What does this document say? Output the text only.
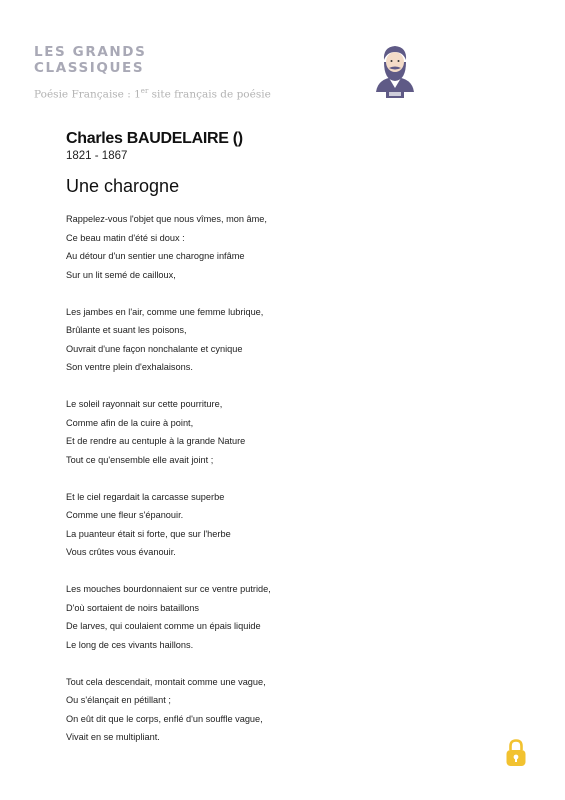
LES GRANDS
CLASSIQUES
Poésie Française : 1er site français de poésie
Charles BAUDELAIRE ()
1821 - 1867
Une charogne
Rappelez-vous l'objet que nous vîmes, mon âme,
Ce beau matin d'été si doux :
Au détour d'un sentier une charogne infâme
Sur un lit semé de cailloux,
Les jambes en l'air, comme une femme lubrique,
Brûlante et suant les poisons,
Ouvrait d'une façon nonchalante et cynique
Son ventre plein d'exhalaisons.
Le soleil rayonnait sur cette pourriture,
Comme afin de la cuire à point,
Et de rendre au centuple à la grande Nature
Tout ce qu'ensemble elle avait joint ;
Et le ciel regardait la carcasse superbe
Comme une fleur s'épanouir.
La puanteur était si forte, que sur l'herbe
Vous crûtes vous évanouir.
Les mouches bourdonnaient sur ce ventre putride,
D'où sortaient de noirs bataillons
De larves, qui coulaient comme un épais liquide
Le long de ces vivants haillons.
Tout cela descendait, montait comme une vague,
Ou s'élançait en pétillant ;
On eût dit que le corps, enflé d'un souffle vague,
Vivait en se multipliant.
